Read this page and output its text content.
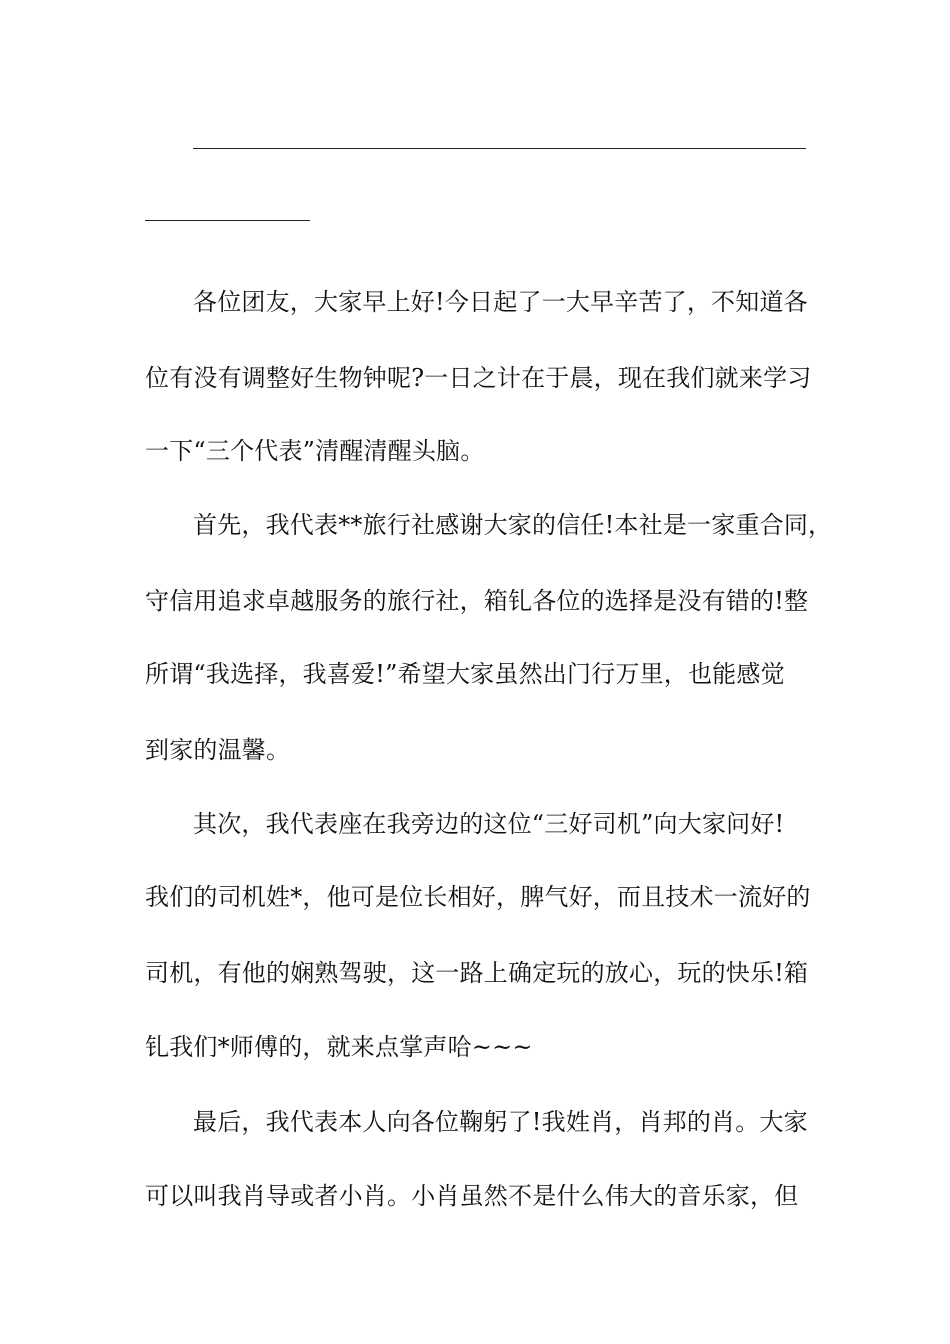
各位团友，大家早上好!今日起了一大早辛苦了，不知道各
位有没有调整好生物钟呢?一日之计在于晨，现在我们就来学习
一下“三个代表”清醒清醒头脑。
首先，我代表**旅行社感谢大家的信任!本社是一家重合同，
守信用追求卓越服务的旅行社，箱钆各位的选择是没有错的!整
所谓“我选择，我喜爱!”希望大家虽然出门行万里，也能感觉
到家的温馨。
其次，我代表座在我旁边的这位“三好司机”向大家问好!
我们的司机姓*，他可是位长相好，脾气好，而且技术一流好的
司机，有他的娴熟驾驶，这一路上确定玩的放心，玩的快乐!箱
钆我们*师傅的，就来点掌声哈~~~
最后，我代表本人向各位鞠躬了!我姓肖，肖邦的肖。大家
可以叫我肖导或者小肖。小肖虽然不是什么伟大的音乐家，但
